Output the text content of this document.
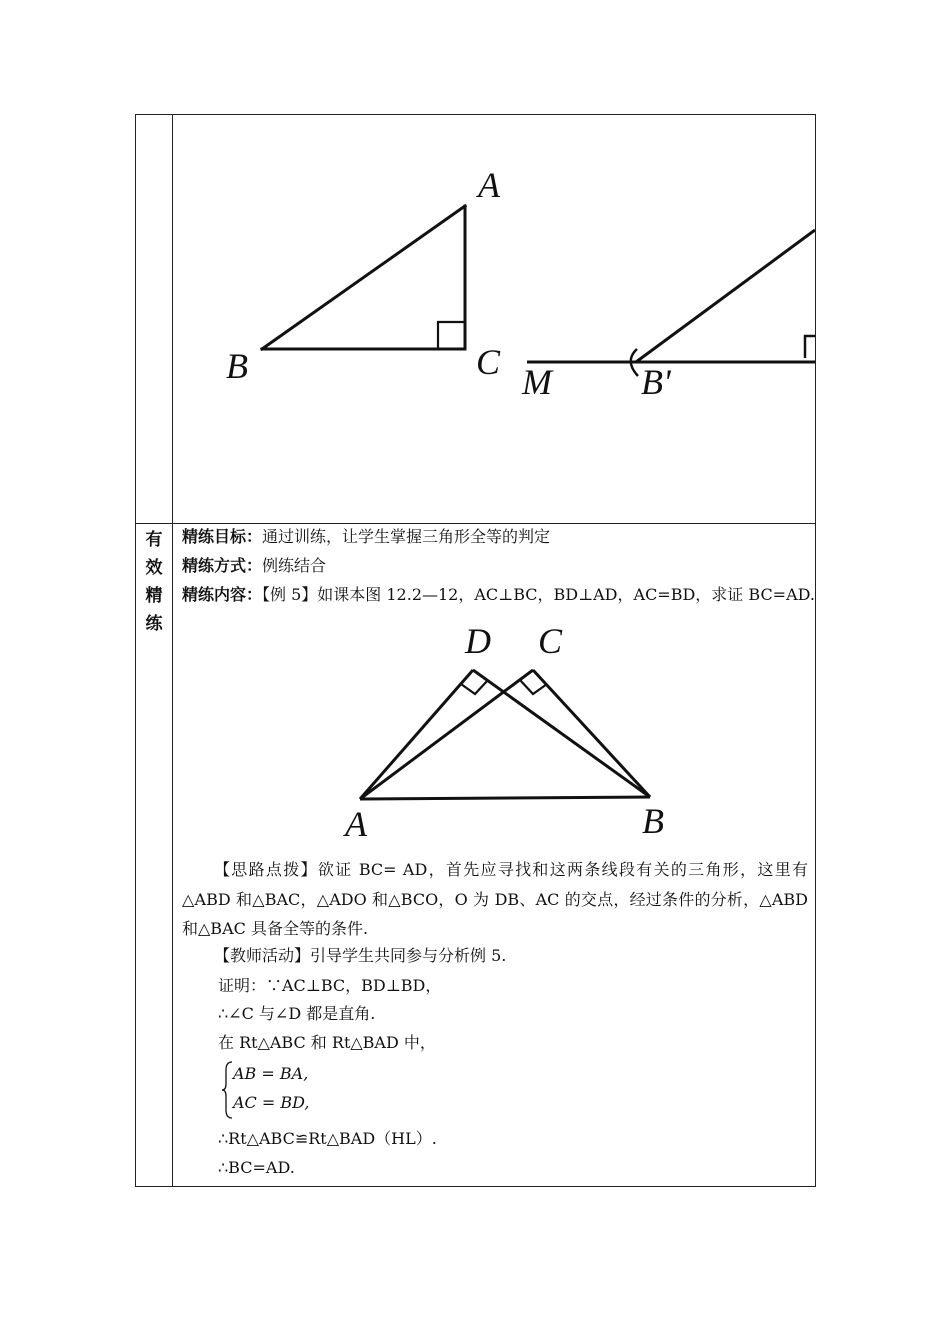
有
效
精
练
A
B	C M B'
精练目标：通过训练，让学生掌握三角形全等的判定
精练方式：例练结合
精练内容：【例 5】如课本图 12.2—12，AC⊥BC，BD⊥AD，AC=BD，求证 BC=AD.
D C
A	B
【思路点拨】欲证 BC= AD，首先应寻找和这两条线段有关的三角形，这里有△ABD 和△BAC，△ADO 和△BCO，O 为 DB、AC 的交点，经过条件的分析，△ABD 和△BAC 具备全等的条件.
【教师活动】引导学生共同参与分析例 5.
证明：∵AC⊥BC，BD⊥BD，
∴∠C 与∠D 都是直角.
在 Rt△ABC 和 Rt△BAD 中，
AB = BA,
AC = BD,
∴Rt△ABC≌Rt△BAD（HL）.
∴BC=AD.
